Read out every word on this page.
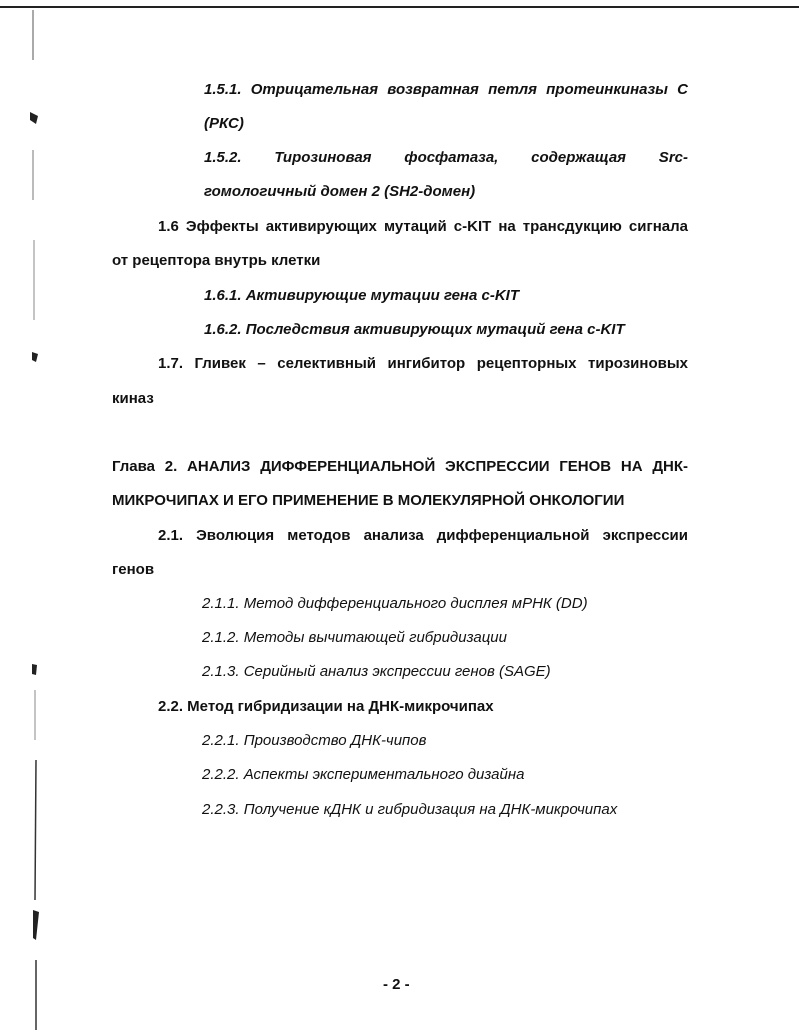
1.5.1. Отрицательная возвратная петля протеинкиназы С
(РКС)
1.5.2. Тирозиновая фосфатаза, содержащая Src-
гомологичный домен 2 (SH2-домен)
1.6 Эффекты активирующих мутаций с-KIT на трансдукцию сигнала
от рецептора внутрь клетки
1.6.1. Активирующие мутации гена с-KIT
1.6.2. Последствия активирующих мутаций гена с-KIT
1.7. Гливек – селективный ингибитор рецепторных тирозиновых
киназ
Глава 2. АНАЛИЗ ДИФФЕРЕНЦИАЛЬНОЙ ЭКСПРЕССИИ ГЕНОВ НА ДНК-
МИКРОЧИПАХ И ЕГО ПРИМЕНЕНИЕ В МОЛЕКУЛЯРНОЙ ОНКОЛОГИИ
2.1. Эволюция методов анализа дифференциальной экспрессии
генов
2.1.1. Метод дифференциального дисплея мРНК (DD)
2.1.2. Методы вычитающей гибридизации
2.1.3. Серийный анализ экспрессии генов (SAGE)
2.2. Метод гибридизации на ДНК-микрочипах
2.2.1. Производство ДНК-чипов
2.2.2. Аспекты экспериментального дизайна
2.2.3. Получение кДНК и гибридизация на ДНК-микрочипах
- 2 -
